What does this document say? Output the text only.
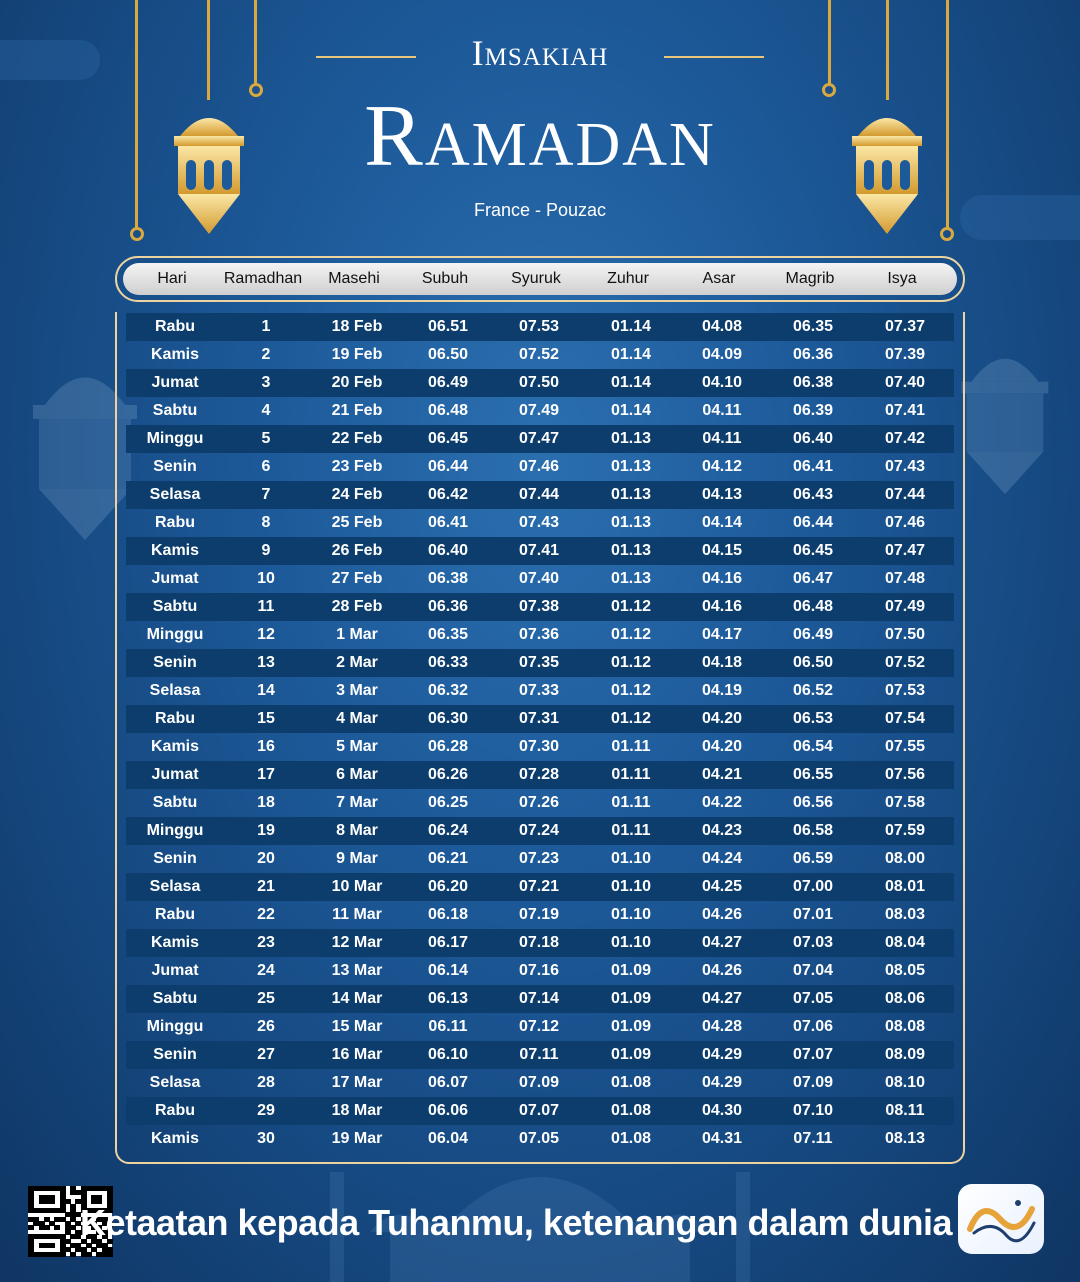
Imsakiah
Ramadan
France - Pouzac
Hari	Ramadhan	Masehi	Subuh	Syuruk	Zuhur	Asar	Magrib	Isya
Rabu	1	18 Feb	06.51	07.53	01.14	04.08	06.35	07.37
Kamis	2	19 Feb	06.50	07.52	01.14	04.09	06.36	07.39
Jumat	3	20 Feb	06.49	07.50	01.14	04.10	06.38	07.40
Sabtu	4	21 Feb	06.48	07.49	01.14	04.11	06.39	07.41
Minggu	5	22 Feb	06.45	07.47	01.13	04.11	06.40	07.42
Senin	6	23 Feb	06.44	07.46	01.13	04.12	06.41	07.43
Selasa	7	24 Feb	06.42	07.44	01.13	04.13	06.43	07.44
Rabu	8	25 Feb	06.41	07.43	01.13	04.14	06.44	07.46
Kamis	9	26 Feb	06.40	07.41	01.13	04.15	06.45	07.47
Jumat	10	27 Feb	06.38	07.40	01.13	04.16	06.47	07.48
Sabtu	11	28 Feb	06.36	07.38	01.12	04.16	06.48	07.49
Minggu	12	1 Mar	06.35	07.36	01.12	04.17	06.49	07.50
Senin	13	2 Mar	06.33	07.35	01.12	04.18	06.50	07.52
Selasa	14	3 Mar	06.32	07.33	01.12	04.19	06.52	07.53
Rabu	15	4 Mar	06.30	07.31	01.12	04.20	06.53	07.54
Kamis	16	5 Mar	06.28	07.30	01.11	04.20	06.54	07.55
Jumat	17	6 Mar	06.26	07.28	01.11	04.21	06.55	07.56
Sabtu	18	7 Mar	06.25	07.26	01.11	04.22	06.56	07.58
Minggu	19	8 Mar	06.24	07.24	01.11	04.23	06.58	07.59
Senin	20	9 Mar	06.21	07.23	01.10	04.24	06.59	08.00
Selasa	21	10 Mar	06.20	07.21	01.10	04.25	07.00	08.01
Rabu	22	11 Mar	06.18	07.19	01.10	04.26	07.01	08.03
Kamis	23	12 Mar	06.17	07.18	01.10	04.27	07.03	08.04
Jumat	24	13 Mar	06.14	07.16	01.09	04.26	07.04	08.05
Sabtu	25	14 Mar	06.13	07.14	01.09	04.27	07.05	08.06
Minggu	26	15 Mar	06.11	07.12	01.09	04.28	07.06	08.08
Senin	27	16 Mar	06.10	07.11	01.09	04.29	07.07	08.09
Selasa	28	17 Mar	06.07	07.09	01.08	04.29	07.09	08.10
Rabu	29	18 Mar	06.06	07.07	01.08	04.30	07.10	08.11
Kamis	30	19 Mar	06.04	07.05	01.08	04.31	07.11	08.13
Ketaatan kepada Tuhanmu, ketenangan dalam dunia
